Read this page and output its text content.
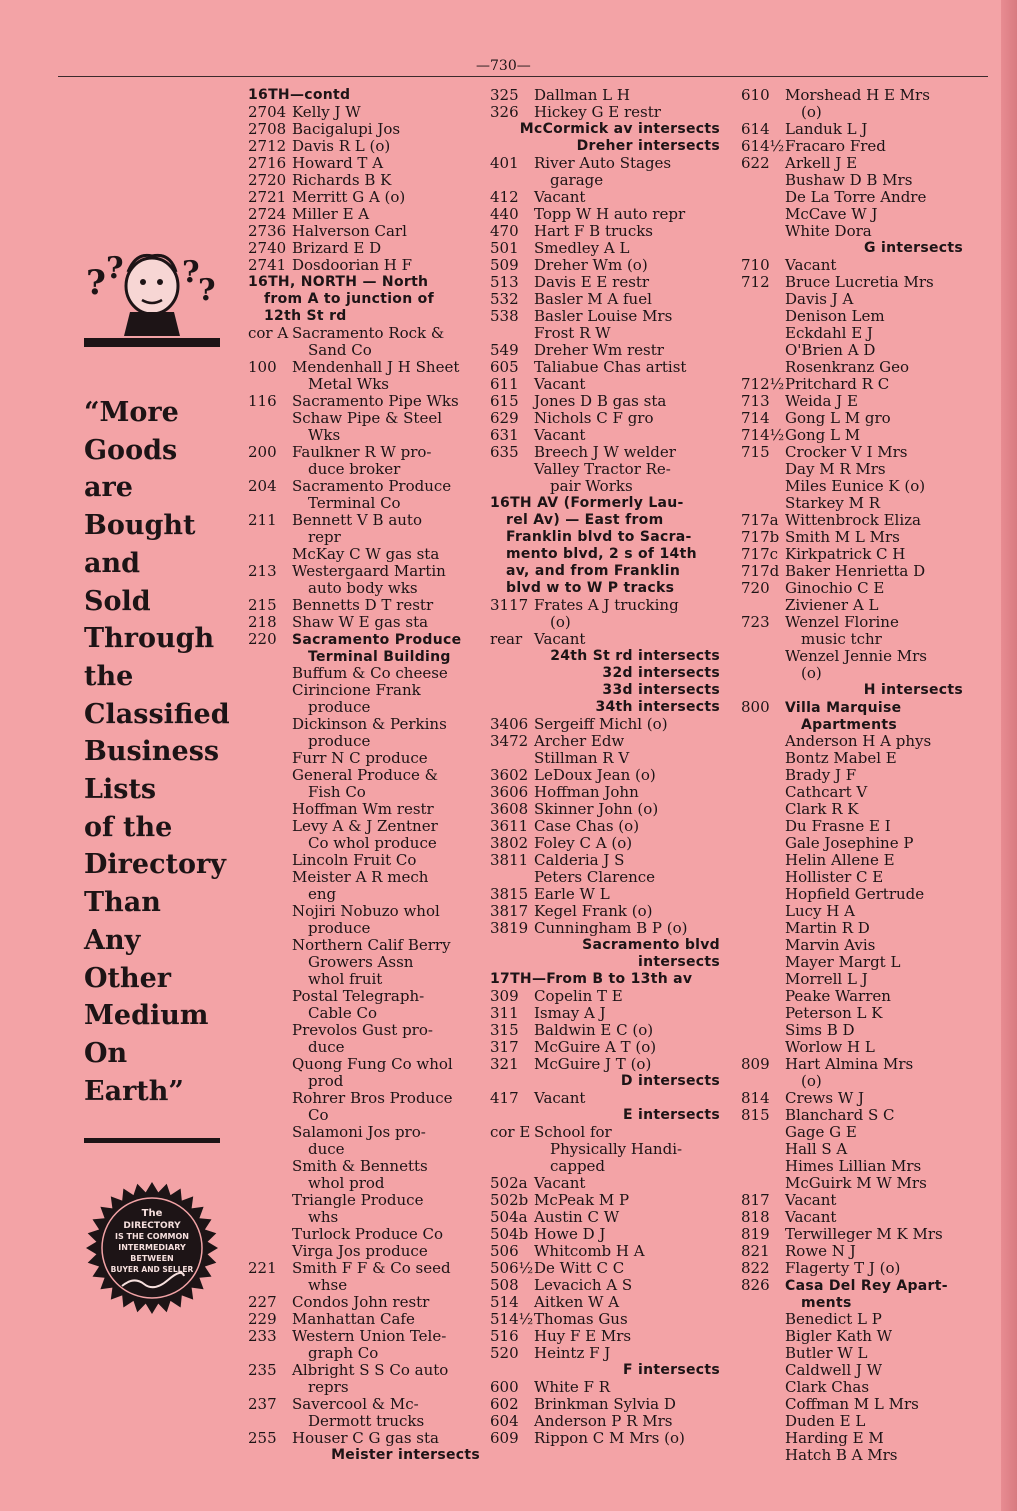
—730—
? ? ?
?
“More
Goods
are
Bought
and
Sold
Through
the
Classified
Business
Lists
of the
Directory
Than
Any
Other
Medium
On
Earth”
The
DIRECTORY
IS THE COMMON
INTERMEDIARY
BETWEEN
BUYER AND SELLER
16TH—contd
2704 Kelly J W
2708 Bacigalupi Jos
2712 Davis R L (o)
2716 Howard T A
2720 Richards B K
2721 Merritt G A (o)
2724 Miller E A
2736 Halverson Carl
2740 Brizard E D
2741 Dosdoorian H F
16TH, NORTH — North
from A to junction of
12th St rd
cor A Sacramento Rock &
Sand Co
100 Mendenhall J H Sheet
Metal Wks
116 Sacramento Pipe Wks
Schaw Pipe & Steel
Wks
200 Faulkner R W pro-
duce broker
204 Sacramento Produce
Terminal Co
211 Bennett V B auto
repr
McKay C W gas sta
213 Westergaard Martin
auto body wks
215 Bennetts D T restr
218 Shaw W E gas sta
220 Sacramento Produce
Terminal Building
Buffum & Co cheese
Cirincione Frank
produce
Dickinson & Perkins
produce
Furr N C produce
General Produce &
Fish Co
Hoffman Wm restr
Levy A & J Zentner
Co whol produce
Lincoln Fruit Co
Meister A R mech
eng
Nojiri Nobuzo whol
produce
Northern Calif Berry
Growers Assn
whol fruit
Postal Telegraph-
Cable Co
Prevolos Gust pro-
duce
Quong Fung Co whol
prod
Rohrer Bros Produce
Co
Salamoni Jos pro-
duce
Smith & Bennetts
whol prod
Triangle Produce
whs
Turlock Produce Co
Virga Jos produce
221 Smith F F & Co seed
whse
227 Condos John restr
229 Manhattan Cafe
233 Western Union Tele-
graph Co
235 Albright S S Co auto
reprs
237 Savercool & Mc-
Dermott trucks
255 Houser C G gas sta
Meister intersects
325 Dallman L H
326 Hickey G E restr
McCormick av intersects
Dreher intersects
401 River Auto Stages
garage
412 Vacant
440 Topp W H auto repr
470 Hart F B trucks
501 Smedley A L
509 Dreher Wm (o)
513 Davis E E restr
532 Basler M A fuel
538 Basler Louise Mrs
Frost R W
549 Dreher Wm restr
605 Taliabue Chas artist
611 Vacant
615 Jones D B gas sta
629 Nichols C F gro
631 Vacant
635 Breech J W welder
Valley Tractor Re-
pair Works
16TH AV (Formerly Lau-
rel Av) — East from
Franklin blvd to Sacra-
mento blvd, 2 s of 14th
av, and from Franklin
blvd w to W P tracks
3117 Frates A J trucking
(o)
rear Vacant
24th St rd intersects
32d intersects
33d intersects
34th intersects
3406 Sergeiff Michl (o)
3472 Archer Edw
Stillman R V
3602 LeDoux Jean (o)
3606 Hoffman John
3608 Skinner John (o)
3611 Case Chas (o)
3802 Foley C A (o)
3811 Calderia J S
Peters Clarence
3815 Earle W L
3817 Kegel Frank (o)
3819 Cunningham B P (o)
Sacramento blvd
intersects
17TH—From B to 13th av
309 Copelin T E
311 Ismay A J
315 Baldwin E C (o)
317 McGuire A T (o)
321 McGuire J T (o)
D intersects
417 Vacant
E intersects
cor E School for
Physically Handi-
capped
502a Vacant
502b McPeak M P
504a Austin C W
504b Howe D J
506 Whitcomb H A
506½De Witt C C
508 Levacich A S
514 Aitken W A
514½Thomas Gus
516 Huy F E Mrs
520 Heintz F J
F intersects
600 White F R
602 Brinkman Sylvia D
604 Anderson P R Mrs
609 Rippon C M Mrs (o)
610 Morshead H E Mrs
(o)
614 Landuk L J
614½Fracaro Fred
622 Arkell J E
Bushaw D B Mrs
De La Torre Andre
McCave W J
White Dora
G intersects
710 Vacant
712 Bruce Lucretia Mrs
Davis J A
Denison Lem
Eckdahl E J
O'Brien A D
Rosenkranz Geo
712½Pritchard R C
713 Weida J E
714 Gong L M gro
714½Gong L M
715 Crocker V I Mrs
Day M R Mrs
Miles Eunice K (o)
Starkey M R
717a Wittenbrock Eliza
717b Smith M L Mrs
717c Kirkpatrick C H
717d Baker Henrietta D
720 Ginochio C E
Ziviener A L
723 Wenzel Florine
music tchr
Wenzel Jennie Mrs
(o)
H intersects
800 Villa Marquise
Apartments
Anderson H A phys
Bontz Mabel E
Brady J F
Cathcart V
Clark R K
Du Frasne E I
Gale Josephine P
Helin Allene E
Hollister C E
Hopfield Gertrude
Lucy H A
Martin R D
Marvin Avis
Mayer Margt L
Morrell L J
Peake Warren
Peterson L K
Sims B D
Worlow H L
809 Hart Almina Mrs
(o)
814 Crews W J
815 Blanchard S C
Gage G E
Hall S A
Himes Lillian Mrs
McGuirk M W Mrs
817 Vacant
818 Vacant
819 Terwilleger M K Mrs
821 Rowe N J
822 Flagerty T J (o)
826 Casa Del Rey Apart-
ments
Benedict L P
Bigler Kath W
Butler W L
Caldwell J W
Clark Chas
Coffman M L Mrs
Duden E L
Harding E M
Hatch B A Mrs
